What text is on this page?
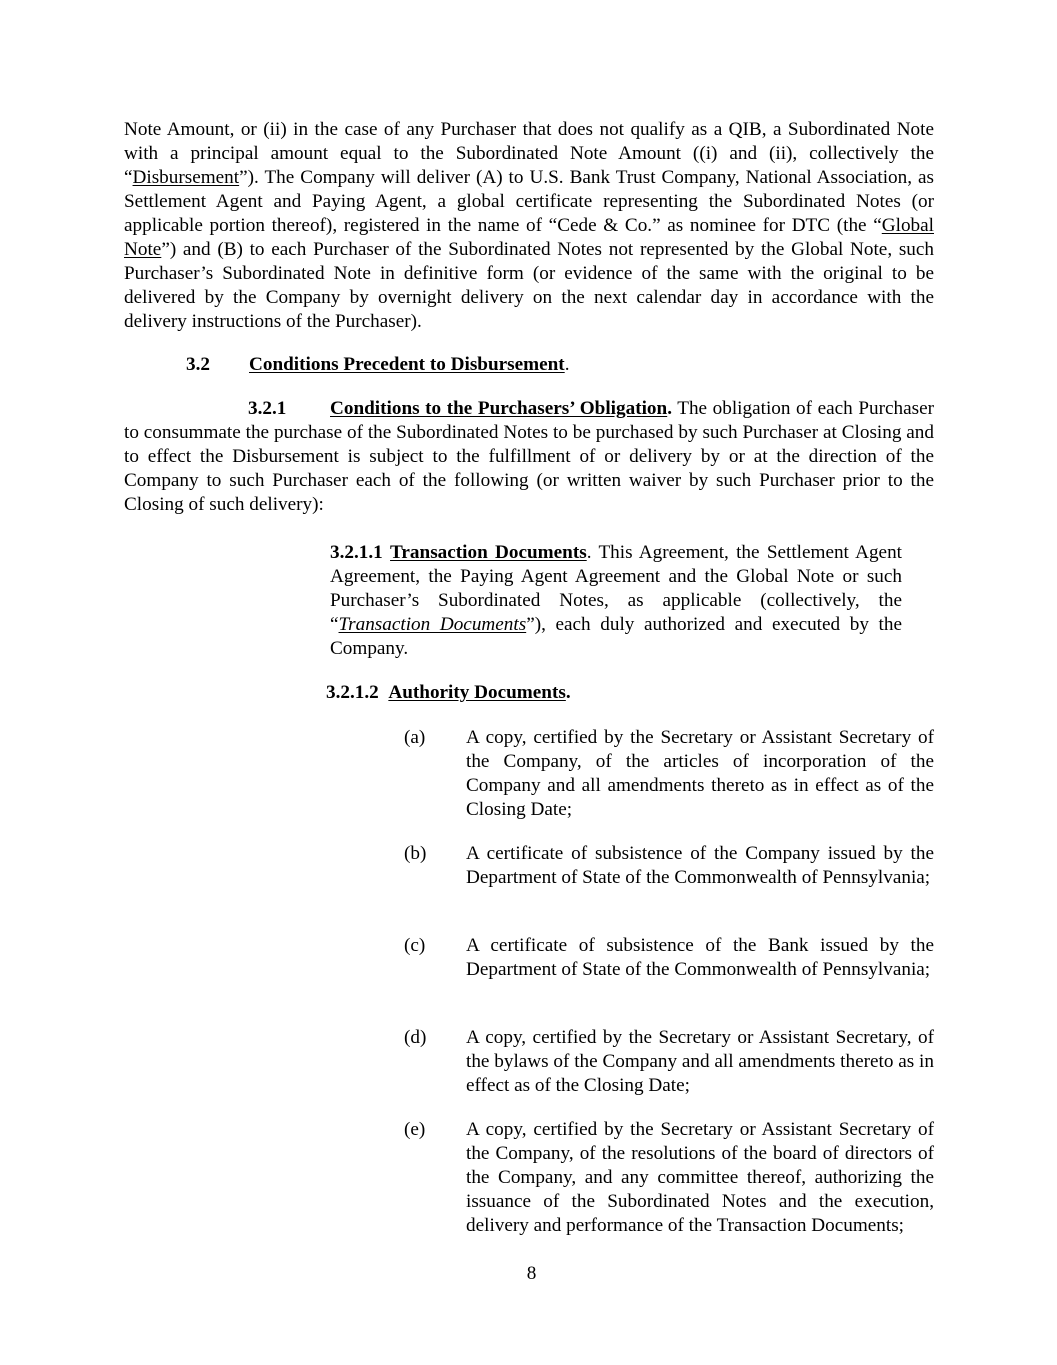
Note Amount, or (ii) in the case of any Purchaser that does not qualify as a QIB, a Subordinated Note with a principal amount equal to the Subordinated Note Amount ((i) and (ii), collectively the “Disbursement”). The Company will deliver (A) to U.S. Bank Trust Company, National Association, as Settlement Agent and Paying Agent, a global certificate representing the Subordinated Notes (or applicable portion thereof), registered in the name of “Cede & Co.” as nominee for DTC (the “Global Note”) and (B) to each Purchaser of the Subordinated Notes not represented by the Global Note, such Purchaser’s Subordinated Note in definitive form (or evidence of the same with the original to be delivered by the Company by overnight delivery on the next calendar day in accordance with the delivery instructions of the Purchaser).

3.2 Conditions Precedent to Disbursement.

3.2.1 Conditions to the Purchasers’ Obligation. The obligation of each Purchaser to consummate the purchase of the Subordinated Notes to be purchased by such Purchaser at Closing and to effect the Disbursement is subject to the fulfillment of or delivery by or at the direction of the Company to such Purchaser each of the following (or written waiver by such Purchaser prior to the Closing of such delivery):

3.2.1.1 Transaction Documents. This Agreement, the Settlement Agent Agreement, the Paying Agent Agreement and the Global Note or such Purchaser’s Subordinated Notes, as applicable (collectively, the “Transaction Documents”), each duly authorized and executed by the Company.

3.2.1.2 Authority Documents.

(a)	A copy, certified by the Secretary or Assistant Secretary of the Company, of the articles of incorporation of the Company and all amendments thereto as in effect as of the Closing Date;

(b)	A certificate of subsistence of the Company issued by the Department of State of the Commonwealth of Pennsylvania;

(c)	A certificate of subsistence of the Bank issued by the Department of State of the Commonwealth of Pennsylvania;

(d)	A copy, certified by the Secretary or Assistant Secretary, of the bylaws of the Company and all amendments thereto as in effect as of the Closing Date;

(e)	A copy, certified by the Secretary or Assistant Secretary of the Company, of the resolutions of the board of directors of the Company, and any committee thereof, authorizing the issuance of the Subordinated Notes and the execution, delivery and performance of the Transaction Documents;

8
